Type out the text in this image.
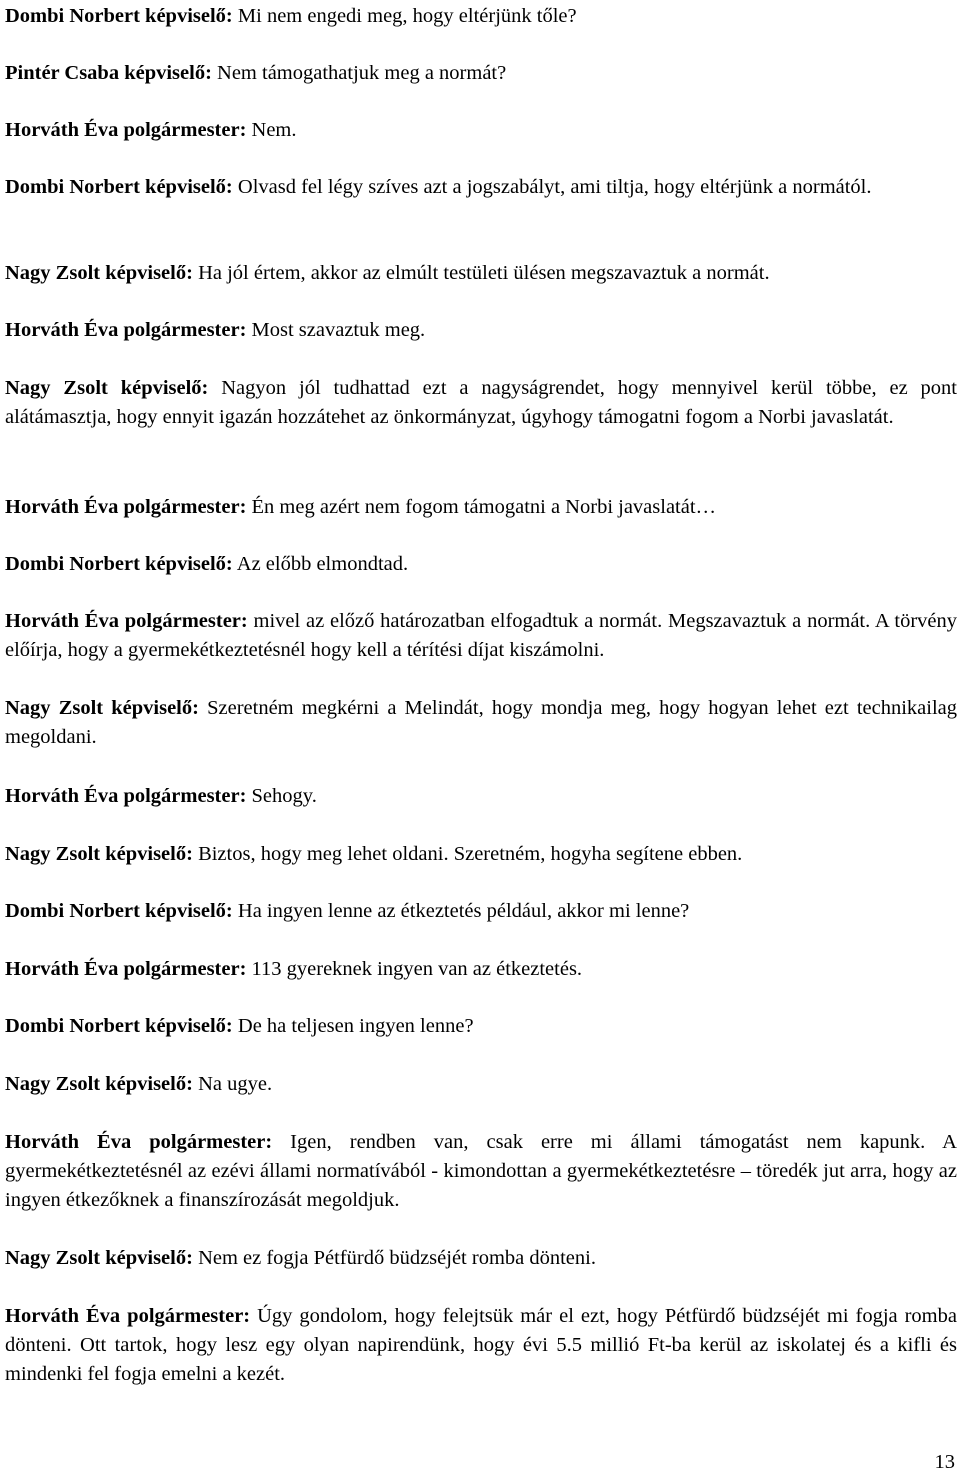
Dombi Norbert képviselő: Mi nem engedi meg, hogy eltérjünk tőle?

Pintér Csaba képviselő: Nem támogathatjuk meg a normát?

Horváth Éva polgármester: Nem.

Dombi Norbert képviselő: Olvasd fel légy szíves azt a jogszabályt, ami tiltja, hogy eltérjünk a normától.

Nagy Zsolt képviselő: Ha jól értem, akkor az elmúlt testületi ülésen megszavaztuk a normát.

Horváth Éva polgármester: Most szavaztuk meg.

Nagy Zsolt képviselő: Nagyon jól tudhattad ezt a nagyságrendet, hogy mennyivel kerül többe, ez pont alátámasztja, hogy ennyit igazán hozzátehet az önkormányzat, úgyhogy támogatni fogom a Norbi javaslatát.

Horváth Éva polgármester: Én meg azért nem fogom támogatni a Norbi javaslatát…

Dombi Norbert képviselő: Az előbb elmondtad.

Horváth Éva polgármester: mivel az előző határozatban elfogadtuk a normát. Megszavaztuk a normát. A törvény előírja, hogy a gyermekétkeztetésnél hogy kell a térítési díjat kiszámolni.

Nagy Zsolt képviselő: Szeretném megkérni a Melindát, hogy mondja meg, hogy hogyan lehet ezt technikailag megoldani.

Horváth Éva polgármester: Sehogy.

Nagy Zsolt képviselő: Biztos, hogy meg lehet oldani. Szeretném, hogyha segítene ebben.

Dombi Norbert képviselő: Ha ingyen lenne az étkeztetés például, akkor mi lenne?

Horváth Éva polgármester: 113 gyereknek ingyen van az étkeztetés.

Dombi Norbert képviselő: De ha teljesen ingyen lenne?

Nagy Zsolt képviselő: Na ugye.

Horváth Éva polgármester: Igen, rendben van, csak erre mi állami támogatást nem kapunk. A gyermekétkeztetésnél az ezévi állami normatívából - kimondottan a gyermekétkeztetésre – töredék jut arra, hogy az ingyen étkezőknek a finanszírozását megoldjuk.

Nagy Zsolt képviselő: Nem ez fogja Pétfürdő büdzséjét romba dönteni.

Horváth Éva polgármester: Úgy gondolom, hogy felejtsük már el ezt, hogy Pétfürdő büdzséjét mi fogja romba dönteni. Ott tartok, hogy lesz egy olyan napirendünk, hogy évi 5.5 millió Ft-ba kerül az iskolatej és a kifli és mindenki fel fogja emelni a kezét.

13
